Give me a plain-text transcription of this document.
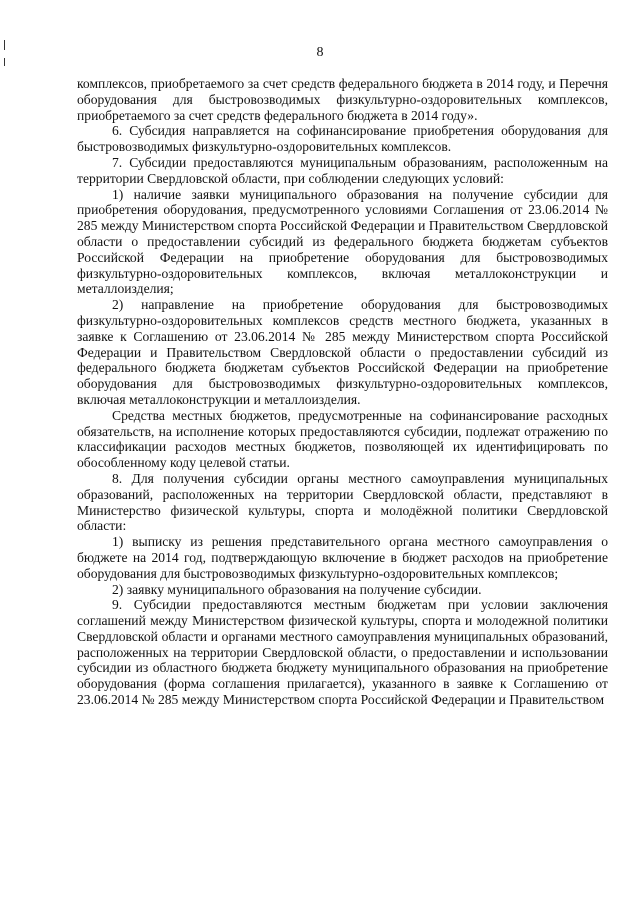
8

комплексов, приобретаемого за счет средств федерального бюджета в 2014 году, и Перечня оборудования для быстровозводимых физкультурно-оздоровительных комплексов, приобретаемого за счет средств федерального бюджета в 2014 году».

6. Субсидия направляется на софинансирование приобретения оборудования для быстровозводимых физкультурно-оздоровительных комплексов.

7. Субсидии предоставляются муниципальным образованиям, расположенным на территории Свердловской области, при соблюдении следующих условий:

1) наличие заявки муниципального образования на получение субсидии для приобретения оборудования, предусмотренного условиями Соглашения от 23.06.2014 № 285 между Министерством спорта Российской Федерации и Правительством Свердловской области о предоставлении субсидий из федерального бюджета бюджетам субъектов Российской Федерации на приобретение оборудования для быстровозводимых физкультурно-оздоровительных комплексов, включая металлоконструкции и металлоизделия;

2) направление на приобретение оборудования для быстровозводимых физкультурно-оздоровительных комплексов средств местного бюджета, указанных в заявке к Соглашению от 23.06.2014 № 285 между Министерством спорта Российской Федерации и Правительством Свердловской области о предоставлении субсидий из федерального бюджета бюджетам субъектов Российской Федерации на приобретение оборудования для быстровозводимых физкультурно-оздоровительных комплексов, включая металлоконструкции и металлоизделия.

Средства местных бюджетов, предусмотренные на софинансирование расходных обязательств, на исполнение которых предоставляются субсидии, подлежат отражению по классификации расходов местных бюджетов, позволяющей их идентифицировать по обособленному коду целевой статьи.

8. Для получения субсидии органы местного самоуправления муниципальных образований, расположенных на территории Свердловской области, представляют в Министерство физической культуры, спорта и молодёжной политики Свердловской области:

1) выписку из решения представительного органа местного самоуправления о бюджете на 2014 год, подтверждающую включение в бюджет расходов на приобретение оборудования для быстровозводимых физкультурно-оздоровительных комплексов;

2) заявку муниципального образования на получение субсидии.

9. Субсидии предоставляются местным бюджетам при условии заключения соглашений между Министерством физической культуры, спорта и молодежной политики Свердловской области и органами местного самоуправления муниципальных образований, расположенных на территории Свердловской области, о предоставлении и использовании субсидии из областного бюджета бюджету муниципального образования на приобретение оборудования (форма соглашения прилагается), указанного в заявке к Соглашению от 23.06.2014 № 285 между Министерством спорта Российской Федерации и Правительством
